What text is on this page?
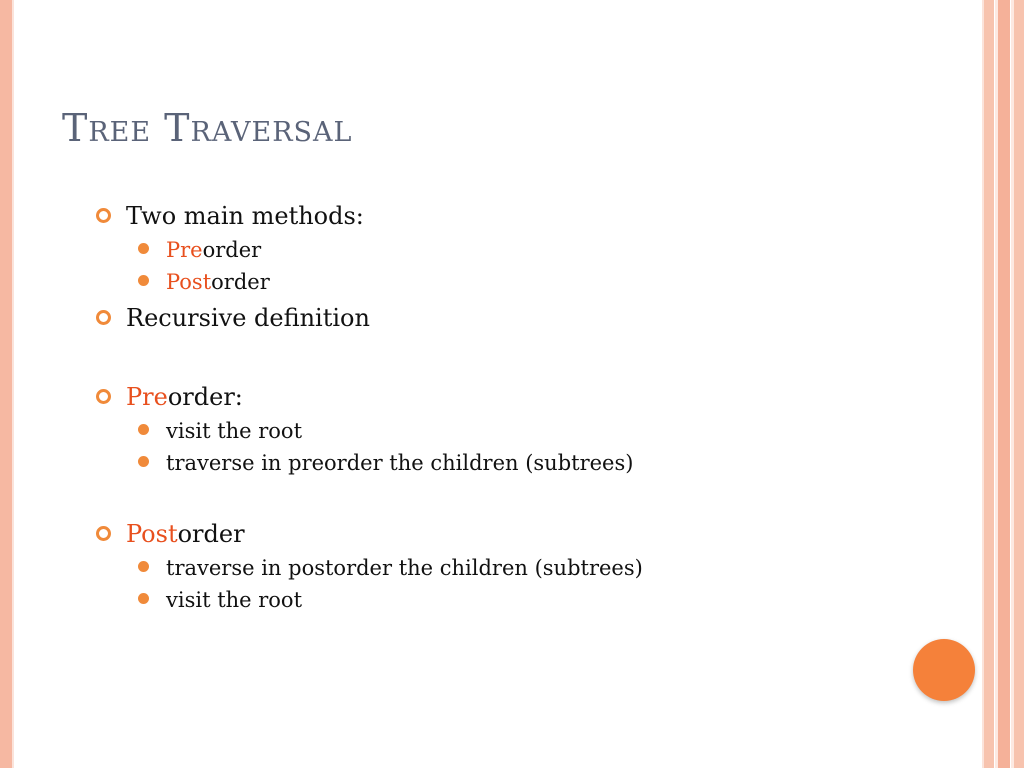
Tree Traversal
Two main methods:
Preorder
Postorder
Recursive definition
Preorder:
visit the root
traverse in preorder the children (subtrees)
Postorder
traverse in postorder the children (subtrees)
visit the root
